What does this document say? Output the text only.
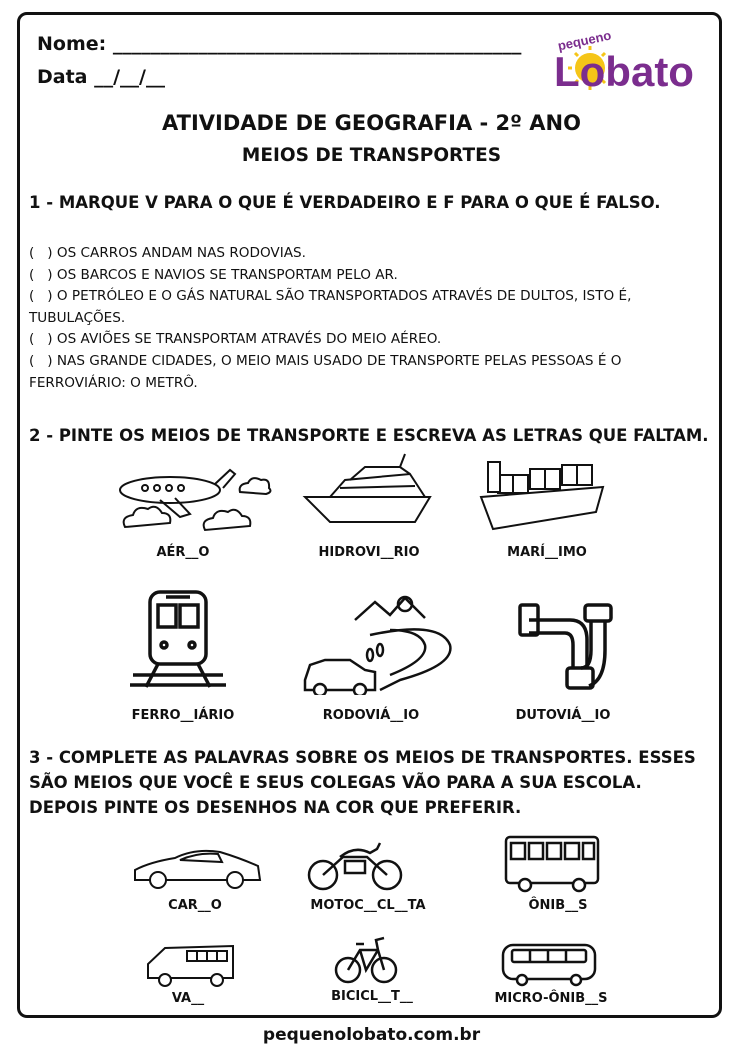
Nome: ___________________________________________
Data __/__/__
pequeno
Lobato
ATIVIDADE DE GEOGRAFIA - 2º ANO
MEIOS DE TRANSPORTES
1 - MARQUE V PARA O QUE É VERDADEIRO E F PARA O QUE É FALSO.
(   ) OS CARROS ANDAM NAS RODOVIAS.
(   ) OS BARCOS E NAVIOS SE TRANSPORTAM PELO AR.
(   ) O PETRÓLEO E O GÁS NATURAL SÃO TRANSPORTADOS ATRAVÉS DE DULTOS, ISTO É, TUBULAÇÕES.
(   ) OS AVIÕES SE TRANSPORTAM ATRAVÉS DO MEIO AÉREO.
(   ) NAS GRANDE CIDADES, O MEIO MAIS USADO DE TRANSPORTE PELAS PESSOAS É O FERROVIÁRIO: O METRÔ.
2 - PINTE OS MEIOS DE TRANSPORTE E ESCREVA AS LETRAS QUE FALTAM.
AÉR__O	HIDROVI__RIO	MARÍ__IMO
FERRO__IÁRIO	RODOVIÁ__IO	DUTOVIÁ__IO
3 - COMPLETE AS PALAVRAS SOBRE OS MEIOS DE TRANSPORTES. ESSES
SÃO MEIOS QUE VOCÊ E SEUS COLEGAS VÃO PARA A SUA ESCOLA.
DEPOIS PINTE OS DESENHOS NA COR QUE PREFERIR.
CAR__O	MOTOC__CL__TA	ÔNIB__S
VA__	BICICL__T__	MICRO-ÔNIB__S
pequenolobato.com.br
